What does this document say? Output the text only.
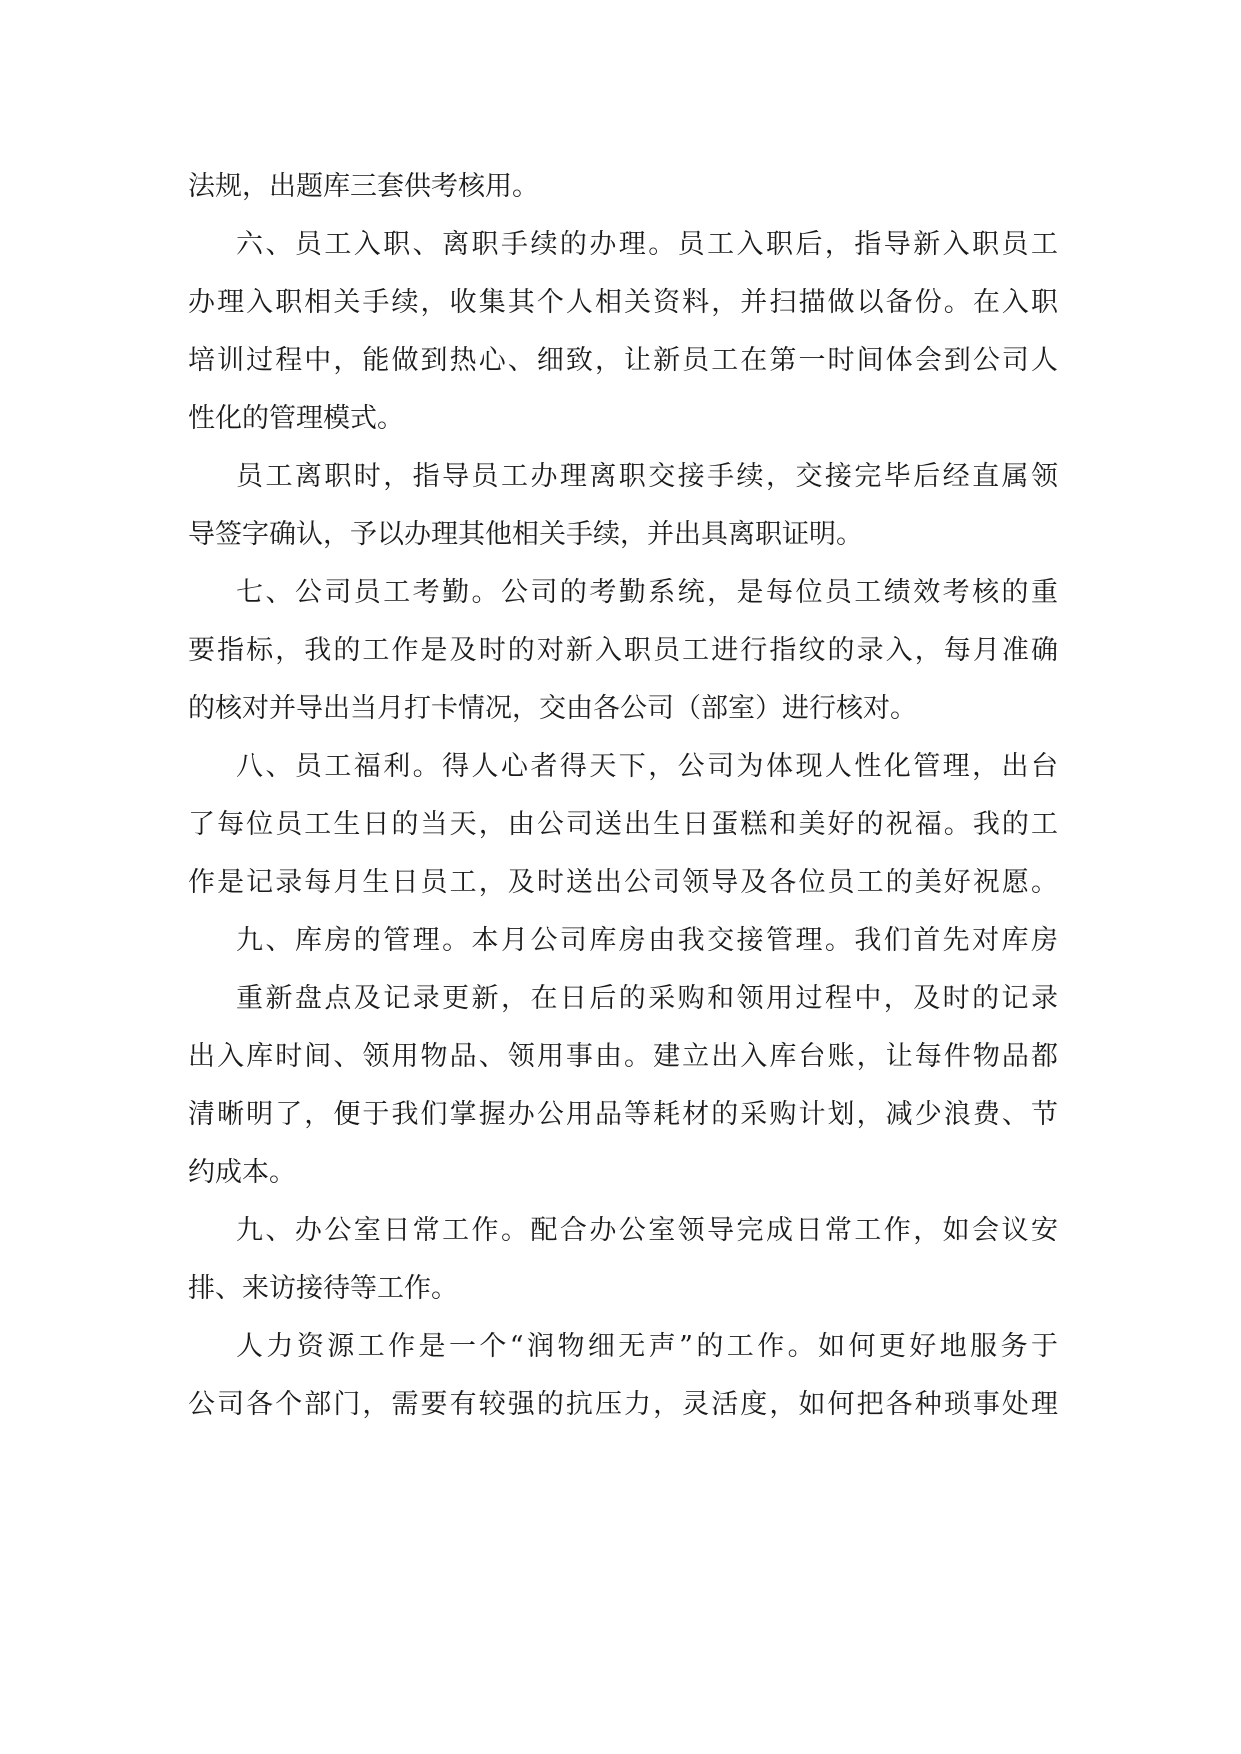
法规，出题库三套供考核用。
六、员工入职、离职手续的办理。员工入职后，指导新入职员工
办理入职相关手续，收集其个人相关资料，并扫描做以备份。在入职
培训过程中，能做到热心、细致，让新员工在第一时间体会到公司人
性化的管理模式。
员工离职时，指导员工办理离职交接手续，交接完毕后经直属领
导签字确认，予以办理其他相关手续，并出具离职证明。
七、公司员工考勤。公司的考勤系统，是每位员工绩效考核的重
要指标，我的工作是及时的对新入职员工进行指纹的录入，每月准确
的核对并导出当月打卡情况，交由各公司（部室）进行核对。
八、员工福利。得人心者得天下，公司为体现人性化管理，出台
了每位员工生日的当天，由公司送出生日蛋糕和美好的祝福。我的工
作是记录每月生日员工，及时送出公司领导及各位员工的美好祝愿。
九、库房的管理。本月公司库房由我交接管理。我们首先对库房
重新盘点及记录更新，在日后的采购和领用过程中，及时的记录
出入库时间、领用物品、领用事由。建立出入库台账，让每件物品都
清晰明了，便于我们掌握办公用品等耗材的采购计划，减少浪费、节
约成本。
九、办公室日常工作。配合办公室领导完成日常工作，如会议安
排、来访接待等工作。
人力资源工作是一个“润物细无声”的工作。如何更好地服务于
公司各个部门，需要有较强的抗压力，灵活度，如何把各种琐事处理
